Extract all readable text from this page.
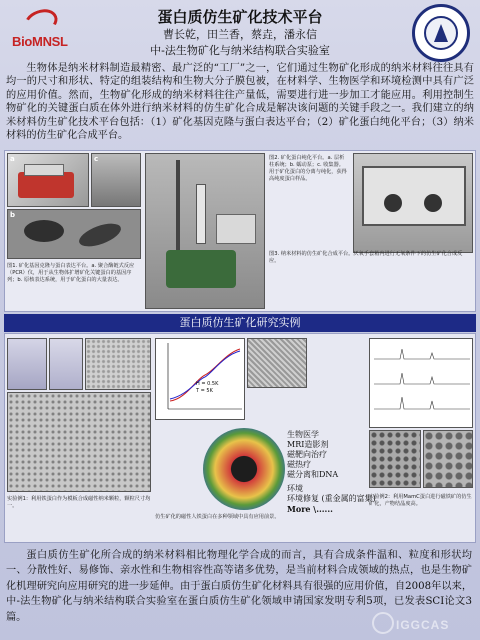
BioMNSL
蛋白质仿生矿化技术平台
曹长乾，田兰香，蔡垚，潘永信
中-法生物矿化与纳米结构联合实验室
生物体是纳米材料制造最精密、最广泛的“工厂”之一，它们通过生物矿化形成的纳米材料往往具有均一的尺寸和形状、特定的组装结构和生物大分子膜包被，在材料学、生物医学和环境检测中具有广泛的应用价值。然而，生物矿化形成的纳米材料往往产量低，需要进行进一步加工才能应用。利用控制生物矿化的关键蛋白质在体外进行纳米材料的仿生矿化合成是解决该问题的关键手段之一。我们建立的纳米材料仿生矿化技术平台包括：（1）矿化基因克隆与蛋白表达平台；（2）矿化蛋白纯化平台；（3）纳米材料的仿生矿化合成平台。
a	c
b
图1. 矿化基因克隆与蛋白表达平台。a. 聚合酶链式反应（PCR）仪，用于从生物体扩增矿化关键蛋白的基因序列；b. 原核表达系统，用于矿化蛋白的大量表达。
图2. 矿化蛋白纯化平台。a. 层析柱系统；b. 蠕动泵；c. 收集器。用于矿化蛋白的分离与纯化，获得高纯度蛋白样品。
图3. 纳米材料的仿生矿化合成平台。厌氧手套箱内进行无氧条件下的仿生矿化合成反应。
蛋白质仿生矿化研究实例
实验例1：利用铁蛋白作为模板合成磁性纳米颗粒，颗粒尺寸均一。
H = 0.5K
T = 5K
生物医学
MRI造影剂
磁靶向治疗
磁热疗
磁分离和DNA
环境
环境修复 (重金属的富集)
More \......
仿生矿化的磁性人铁蛋白在多种领域中具有应用前景。
实验例2：利用MamC蛋白进行磁铁矿的仿生矿化，产物结晶度高。
蛋白质仿生矿化所合成的纳米材料相比物理化学合成的而言，具有合成条件温和、粒度和形状均一、分散性好、易修饰、亲水性和生物相容性高等诸多优势，是当前材料合成领域的热点，也是生物矿化机理研究向应用研究的进一步延伸。由于蛋白质仿生矿化材料具有很强的应用价值，自2008年以来，中-法生物矿化与纳米结构联合实验室在蛋白质仿生矿化领域申请国家发明专利5项，已发表SCI论文3篇。
IGGCAS
